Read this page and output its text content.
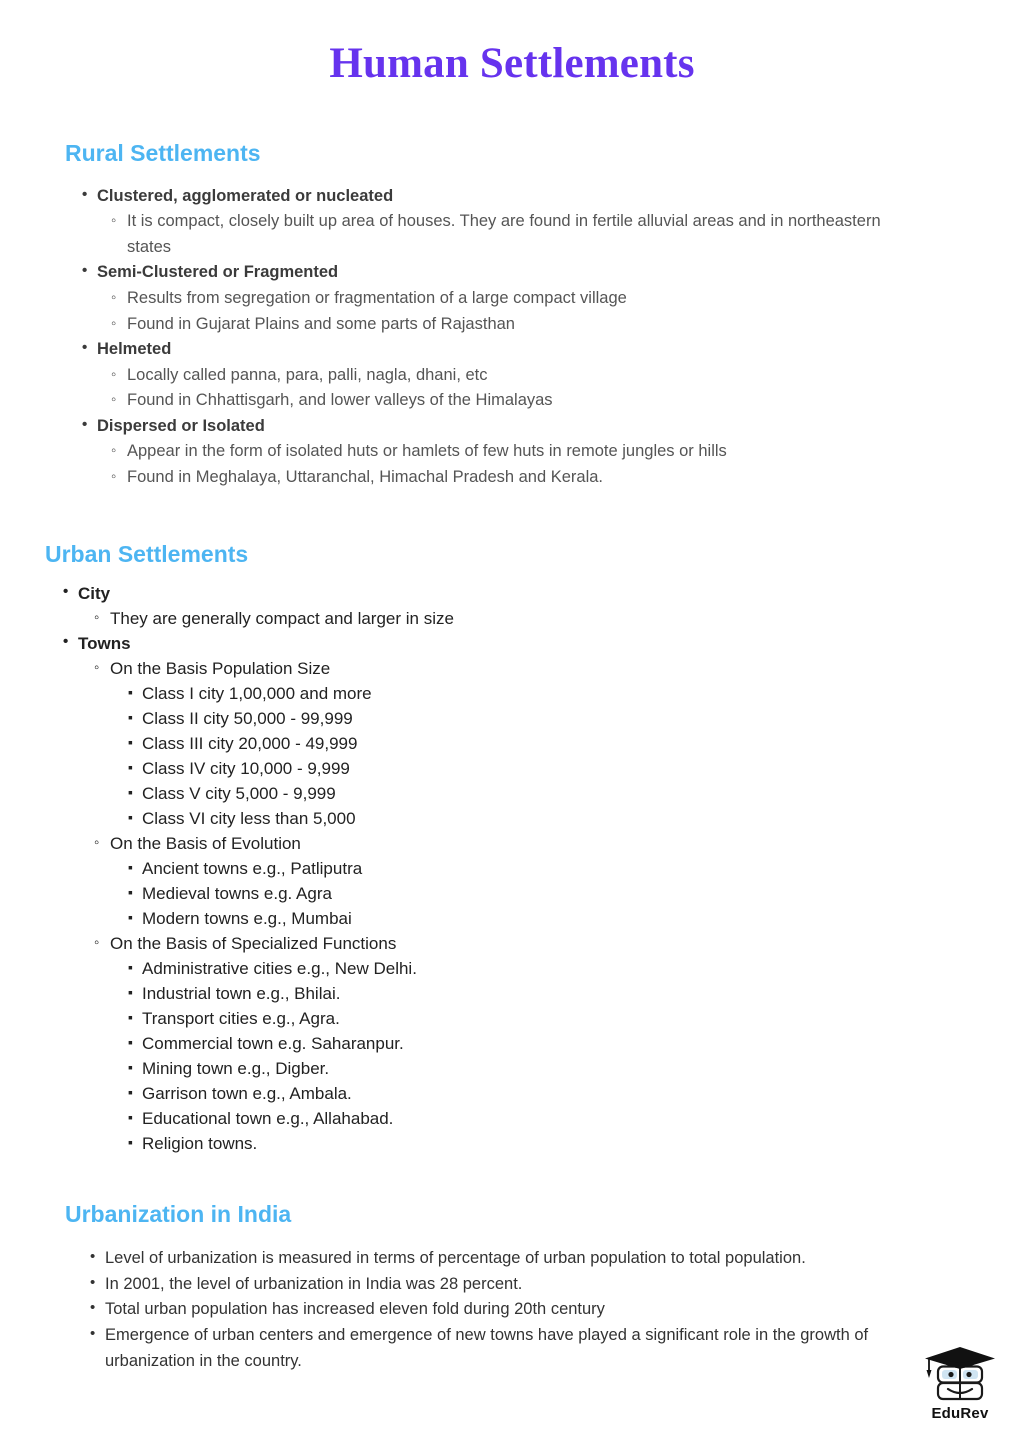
Human Settlements
Rural Settlements
• Clustered, agglomerated or nucleated
◦ It is compact, closely built up area of houses. They are found in fertile alluvial areas and in northeastern states
• Semi-Clustered or Fragmented
◦ Results from segregation or fragmentation of a large compact village
◦ Found in Gujarat Plains and some parts of Rajasthan
• Helmeted
◦ Locally called panna, para, palli, nagla, dhani, etc
◦ Found in Chhattisgarh, and lower valleys of the Himalayas
• Dispersed or Isolated
◦ Appear in the form of isolated huts or hamlets of few huts in remote jungles or hills
◦ Found in Meghalaya, Uttaranchal, Himachal Pradesh and Kerala.
Urban Settlements
• City
◦ They are generally compact and larger in size
• Towns
◦ On the Basis Population Size
▪ Class I city 1,00,000 and more
▪ Class II city 50,000 - 99,999
▪ Class III city 20,000 - 49,999
▪ Class IV city 10,000 - 9,999
▪ Class V city 5,000 - 9,999
▪ Class VI city less than 5,000
◦ On the Basis of Evolution
▪ Ancient towns e.g., Patliputra
▪ Medieval towns e.g. Agra
▪ Modern towns e.g., Mumbai
◦ On the Basis of Specialized Functions
▪ Administrative cities e.g., New Delhi.
▪ Industrial town e.g., Bhilai.
▪ Transport cities e.g., Agra.
▪ Commercial town e.g. Saharanpur.
▪ Mining town e.g., Digber.
▪ Garrison town e.g., Ambala.
▪ Educational town e.g., Allahabad.
▪ Religion towns.
Urbanization in India
• Level of urbanization is measured in terms of percentage of urban population to total population.
• In 2001, the level of urbanization in India was 28 percent.
• Total urban population has increased eleven fold during 20th century
• Emergence of urban centers and emergence of new towns have played a significant role in the growth of urbanization in the country.
EduRev
